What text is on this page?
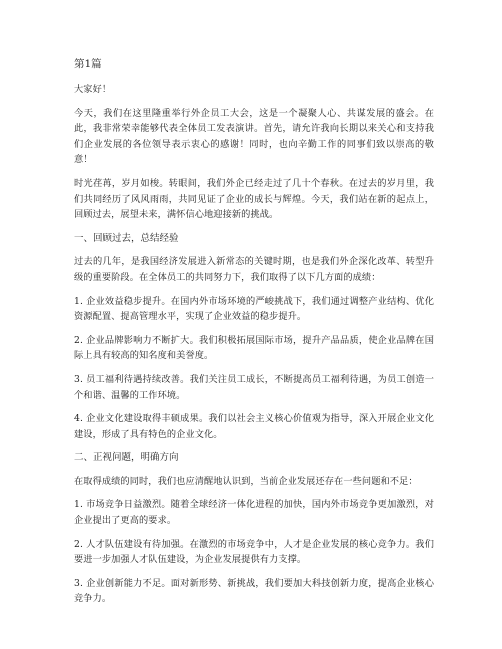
第1篇

大家好！

今天，我们在这里隆重举行外企员工大会，这是一个凝聚人心、共谋发展的盛会。在此，我非常荣幸能够代表全体员工发表演讲。首先，请允许我向长期以来关心和支持我们企业发展的各位领导表示衷心的感谢！同时，也向辛勤工作的同事们致以崇高的敬意！

时光荏苒，岁月如梭。转眼间，我们外企已经走过了几十个春秋。在过去的岁月里，我们共同经历了风风雨雨，共同见证了企业的成长与辉煌。今天，我们站在新的起点上，回顾过去，展望未来，满怀信心地迎接新的挑战。

一、回顾过去，总结经验

过去的几年，是我国经济发展进入新常态的关键时期，也是我们外企深化改革、转型升级的重要阶段。在全体员工的共同努力下，我们取得了以下几方面的成绩：

1. 企业效益稳步提升。在国内外市场环境的严峻挑战下，我们通过调整产业结构、优化资源配置、提高管理水平，实现了企业效益的稳步提升。

2. 企业品牌影响力不断扩大。我们积极拓展国际市场，提升产品品质，使企业品牌在国际上具有较高的知名度和美誉度。

3. 员工福利待遇持续改善。我们关注员工成长，不断提高员工福利待遇，为员工创造一个和谐、温馨的工作环境。

4. 企业文化建设取得丰硕成果。我们以社会主义核心价值观为指导，深入开展企业文化建设，形成了具有特色的企业文化。

二、正视问题，明确方向

在取得成绩的同时，我们也应清醒地认识到，当前企业发展还存在一些问题和不足：

1. 市场竞争日益激烈。随着全球经济一体化进程的加快，国内外市场竞争更加激烈，对企业提出了更高的要求。

2. 人才队伍建设有待加强。在激烈的市场竞争中，人才是企业发展的核心竞争力。我们要进一步加强人才队伍建设，为企业发展提供有力支撑。

3. 企业创新能力不足。面对新形势、新挑战，我们要加大科技创新力度，提高企业核心竞争力。
